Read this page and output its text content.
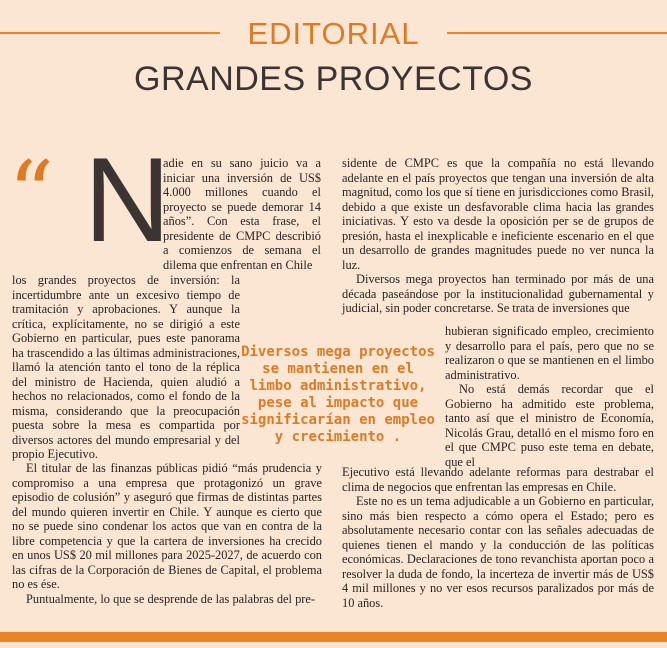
EDITORIAL
GRANDES PROYECTOS
“ N

adie en su sano juicio va a iniciar una inversión de US$ 4.000 millones cuando el proyecto se puede demorar 14 años”. Con esta frase, el presidente de CMPC describió a comienzos de semana el dilema que enfrentan en Chile

los grandes proyectos de inversión: la incertidumbre ante un excesivo tiempo de tramitación y aprobaciones. Y aunque la crítica, explícitamente, no se dirigió a este Gobierno en particular, pues este panorama ha trascendido a las últimas administraciones, llamó la atención tanto el tono de la réplica del ministro de Hacienda, quien aludió a hechos no relacionados, como el fondo de la misma, considerando que la preocupación puesta sobre la mesa es compartida por diversos actores del mundo empresarial y del propio Ejecutivo.

El titular de las finanzas públicas pidió “más prudencia y compromiso a una empresa que protagonizó un grave episodio de colusión” y aseguró que firmas de distintas partes del mundo quieren invertir en Chile. Y aunque es cierto que no se puede sino condenar los actos que van en contra de la libre competencia y que la cartera de inversiones ha crecido en unos US$ 20 mil millones para 2025-2027, de acuerdo con las cifras de la Corporación de Bienes de Capital, el problema no es ése.

Puntualmente, lo que se desprende de las palabras del pre-

sidente de CMPC es que la compañía no está llevando adelante en el país proyectos que tengan una inversión de alta magnitud, como los que sí tiene en jurisdicciones como Brasil, debido a que existe un desfavorable clima hacia las grandes iniciativas. Y esto va desde la oposición per se de grupos de presión, hasta el inexplicable e ineficiente escenario en el que un desarrollo de grandes magnitudes puede no ver nunca la luz.

Diversos mega proyectos han terminado por más de una década paseándose por la institucionalidad gubernamental y judicial, sin poder concretarse. Se trata de inversiones que

hubieran significado empleo, crecimiento y desarrollo para el país, pero que no se realizaron o que se mantienen en el limbo administrativo.

No está demás recordar que el Gobierno ha admitido este problema, tanto así que el ministro de Economía, Nicolás Grau, detalló en el mismo foro en el que CMPC puso este tema en debate, que el

Ejecutivo está llevando adelante reformas para destrabar el clima de negocios que enfrentan las empresas en Chile.

Este no es un tema adjudicable a un Gobierno en particular, sino más bien respecto a cómo opera el Estado; pero es absolutamente necesario contar con las señales adecuadas de quienes tienen el mando y la conducción de las políticas económicas. Declaraciones de tono revanchista aportan poco a resolver la duda de fondo, la incerteza de invertir más de US$ 4 mil millones y no ver esos recursos paralizados por más de 10 años.

Diversos mega proyectos se mantienen en el limbo administrativo, pese al impacto que significarían en empleo y crecimiento .
